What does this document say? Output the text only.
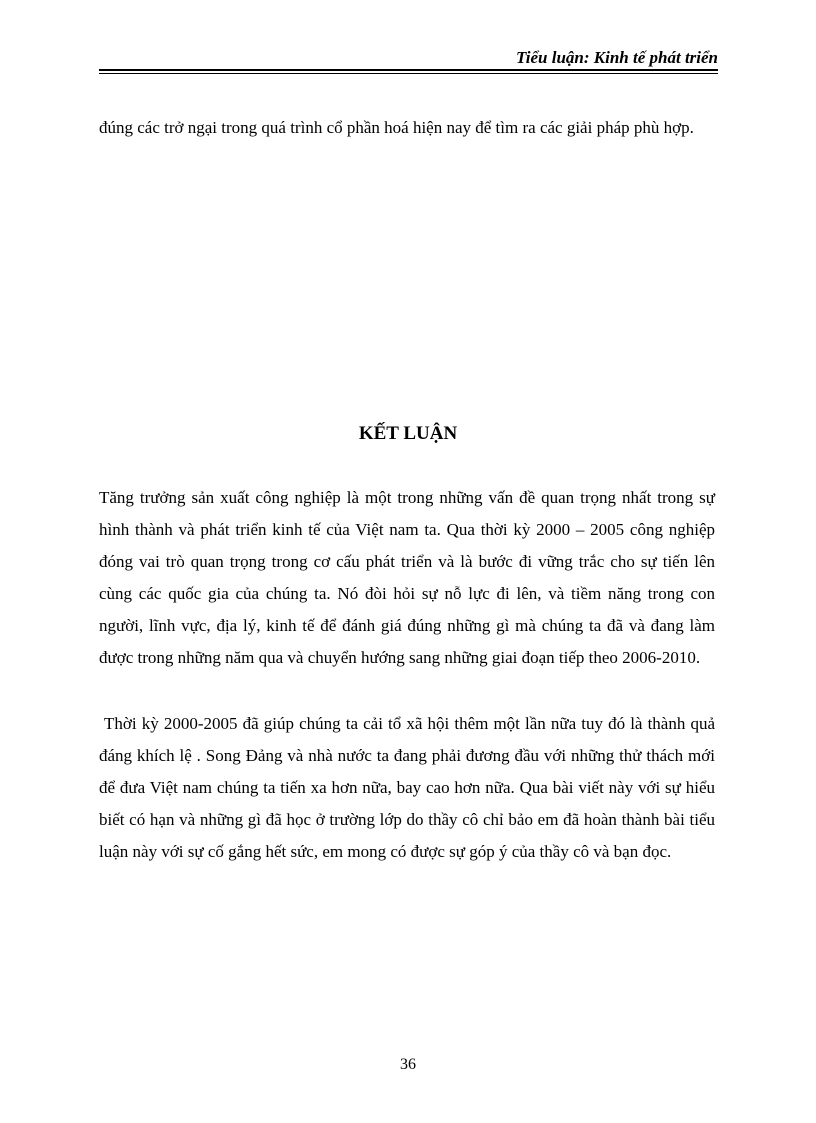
Tiểu luận: Kinh tế phát triển

đúng các trở ngại trong quá trình cổ phần hoá hiện nay để tìm ra các giải pháp phù hợp.

KẾT LUẬN

Tăng trưởng sản xuất công nghiệp là một trong những vấn đề quan trọng nhất trong sự hình thành và phát triển kinh tế của Việt nam ta. Qua thời kỳ 2000 – 2005 công nghiệp đóng vai trò quan trọng trong cơ cấu phát triển và là bước đi vững trắc cho sự tiến lên cùng các quốc gia của chúng ta. Nó đòi hỏi sự nỗ lực đi lên, và tiềm năng trong con người, lĩnh vực, địa lý, kinh tế để đánh giá đúng những gì mà chúng ta đã và đang làm được trong những năm qua và chuyển hướng sang những giai đoạn tiếp theo 2006-2010.

Thời kỳ 2000-2005 đã giúp chúng ta cải tổ xã hội thêm một lần nữa tuy đó là thành quả đáng khích lệ . Song Đảng và nhà nước ta đang phải đương đầu với những thử thách mới để đưa Việt nam chúng ta tiến xa hơn nữa, bay cao hơn nữa. Qua bài viết này với sự hiểu biết có hạn và những gì đã học ở trường lớp do thầy cô chỉ bảo em đã hoàn thành bài tiểu luận này với sự cố gắng hết sức, em mong có được sự góp ý của thầy cô và bạn đọc.

36
